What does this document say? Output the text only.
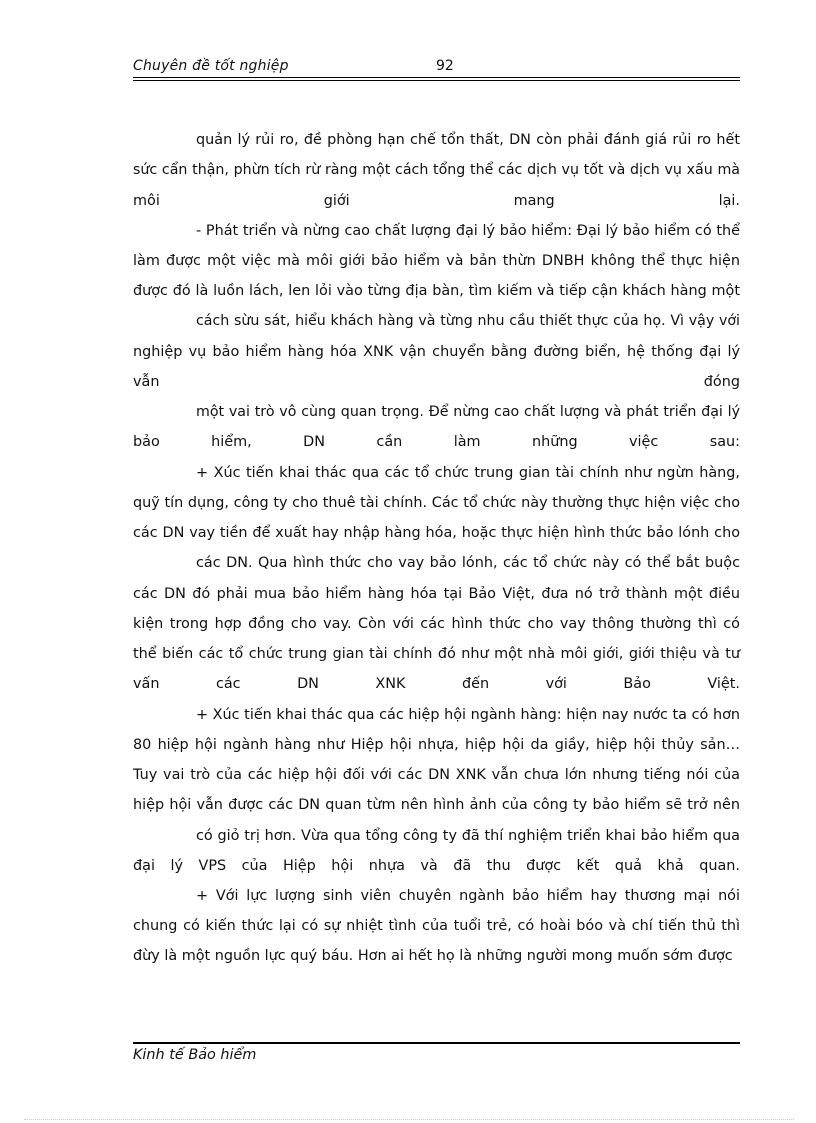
Chuyên đề tốt nghiệp	92
quản lý rủi ro, đề phòng hạn chế tổn thất, DN còn phải đánh giá rủi ro hết
sức cẩn thận, phừn tích rừ ràng một cách tổng thể các dịch vụ tốt và dịch vụ xấu mà
môi giới mang lại.
- Phát triển và nừng cao chất lượng đại lý bảo hiểm: Đại lý bảo hiểm có thể
làm được một việc mà môi giới bảo hiểm và bản thừn DNBH không thể thực hiện
được đó là luồn lách, len lỏi vào từng địa bàn, tìm kiếm và tiếp cận khách hàng một
cách sừu sát, hiểu khách hàng và từng nhu cầu thiết thực của họ. Vì vậy với
nghiệp vụ bảo hiểm hàng hóa XNK vận chuyển bằng đường biển, hệ thống đại lý
vẫn đóng
một vai trò vô cùng quan trọng. Để nừng cao chất lượng và phát triển đại lý
bảo hiểm, DN cần làm những việc sau:
+ Xúc tiến khai thác qua các tổ chức trung gian tài chính như ngừn hàng,
quỹ tín dụng, công ty cho thuê tài chính. Các tổ chức này thường thực hiện việc cho
các DN vay tiền để xuất hay nhập hàng hóa, hoặc thực hiện hình thức bảo lónh cho
các DN. Qua hình thức cho vay bảo lónh, các tổ chức này có thể bắt buộc
các DN đó phải mua bảo hiểm hàng hóa tại Bảo Việt, đưa nó trở thành một điều
kiện trong hợp đồng cho vay. Còn với các hình thức cho vay thông thường thì có
thể biến các tổ chức trung gian tài chính đó như một nhà môi giới, giới thiệu và tư
vấn các DN XNK đến với Bảo Việt.
+ Xúc tiến khai thác qua các hiệp hội ngành hàng: hiện nay nước ta có hơn
80 hiệp hội ngành hàng như Hiệp hội nhựa, hiệp hội da giầy, hiệp hội thủy sản…
Tuy vai trò của các hiệp hội đối với các DN XNK vẫn chưa lớn nhưng tiếng nói của
hiệp hội vẫn được các DN quan từm nên hình ảnh của công ty bảo hiểm sẽ trở nên
có giỏ trị hơn. Vừa qua tổng công ty đã thí nghiệm triển khai bảo hiểm qua
đại lý VPS của Hiệp hội nhựa và đã thu được kết quả khả quan.
+ Với lực lượng sinh viên chuyên ngành bảo hiểm hay thương mại nói
chung có kiến thức lại có sự nhiệt tình của tuổi trẻ, có hoài bóo và chí tiến thủ thì
đừy là một nguồn lực quý báu. Hơn ai hết họ là những người mong muốn sớm được
Kinh tế Bảo hiểm
